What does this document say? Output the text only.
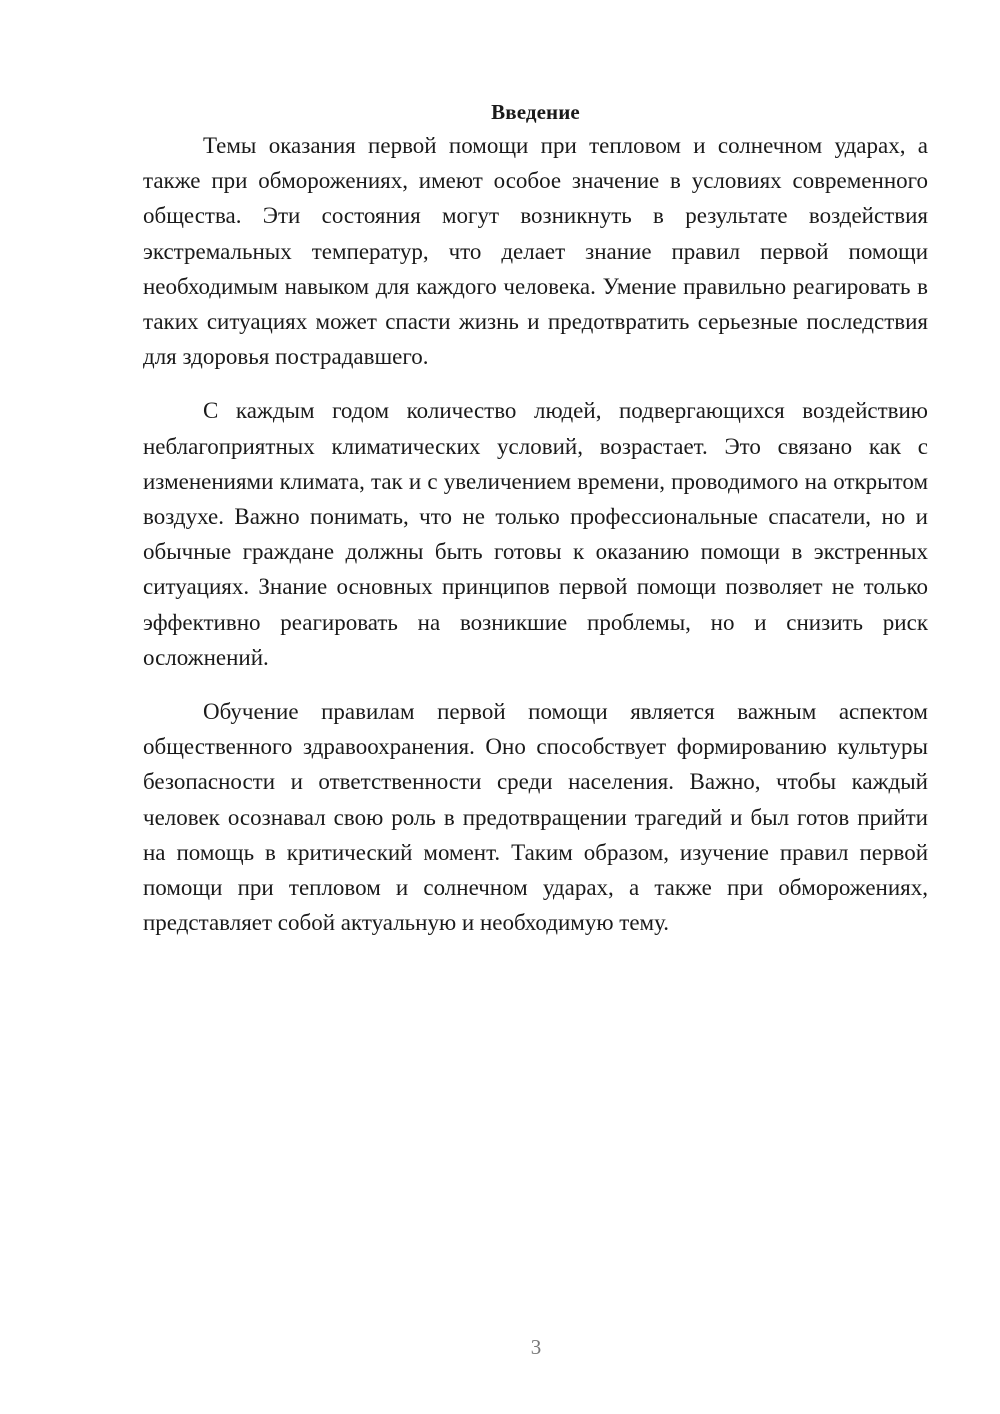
Введение

Темы оказания первой помощи при тепловом и солнечном ударах, а также при обморожениях, имеют особое значение в условиях современного общества. Эти состояния могут возникнуть в результате воздействия экстремальных температур, что делает знание правил первой помощи необходимым навыком для каждого человека. Умение правильно реагировать в таких ситуациях может спасти жизнь и предотвратить серьезные последствия для здоровья пострадавшего.

С каждым годом количество людей, подвергающихся воздействию неблагоприятных климатических условий, возрастает. Это связано как с изменениями климата, так и с увеличением времени, проводимого на открытом воздухе. Важно понимать, что не только профессиональные спасатели, но и обычные граждане должны быть готовы к оказанию помощи в экстренных ситуациях. Знание основных принципов первой помощи позволяет не только эффективно реагировать на возникшие проблемы, но и снизить риск осложнений.

Обучение правилам первой помощи является важным аспектом общественного здравоохранения. Оно способствует формированию культуры безопасности и ответственности среди населения. Важно, чтобы каждый человек осознавал свою роль в предотвращении трагедий и был готов прийти на помощь в критический момент. Таким образом, изучение правил первой помощи при тепловом и солнечном ударах, а также при обморожениях, представляет собой актуальную и необходимую тему.

3
